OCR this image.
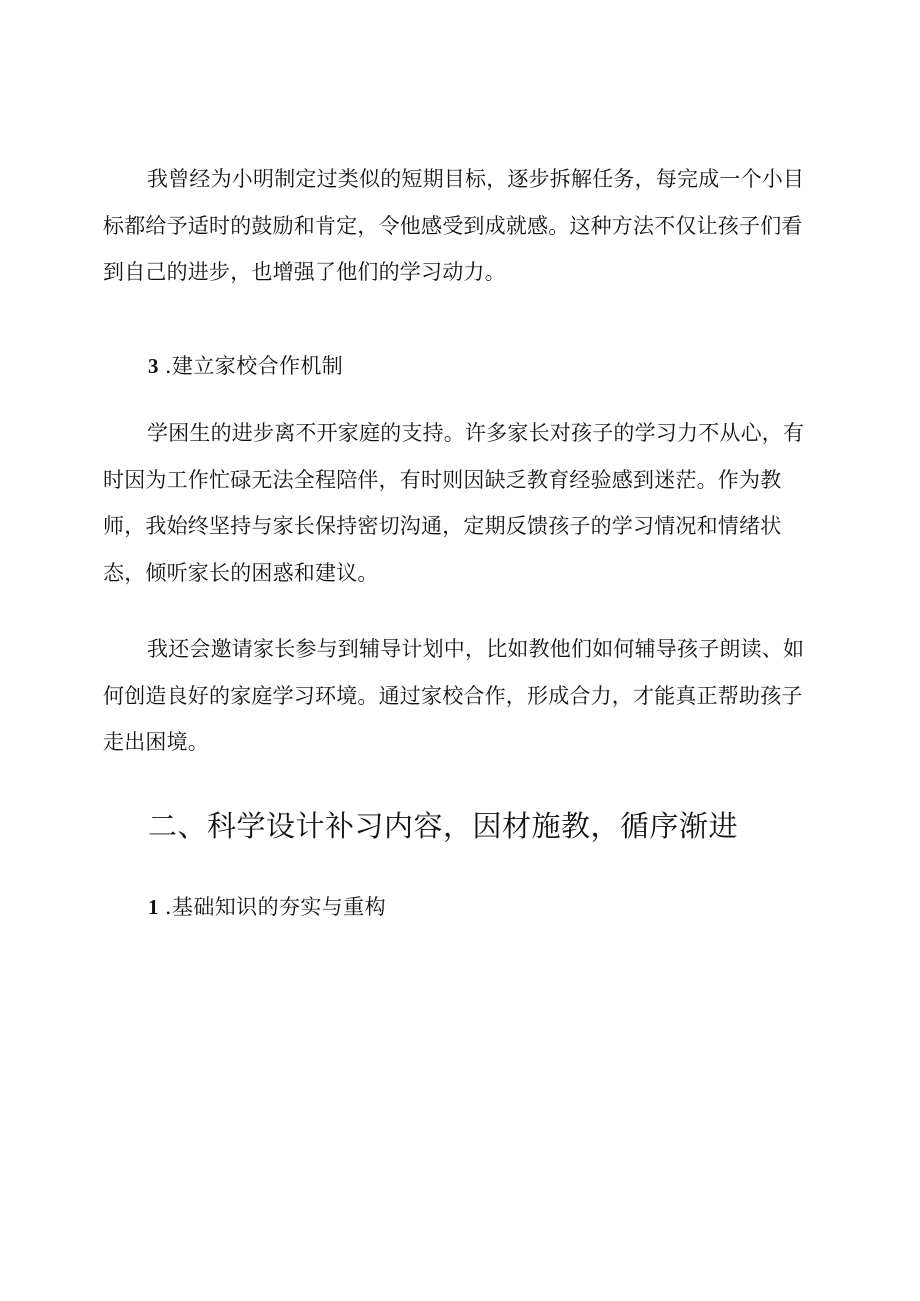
我曾经为小明制定过类似的短期目标，逐步拆解任务，每完成一个小目标都给予适时的鼓励和肯定，令他感受到成就感。这种方法不仅让孩子们看到自己的进步，也增强了他们的学习动力。

3 .建立家校合作机制

学困生的进步离不开家庭的支持。许多家长对孩子的学习力不从心，有时因为工作忙碌无法全程陪伴，有时则因缺乏教育经验感到迷茫。作为教师，我始终坚持与家长保持密切沟通，定期反馈孩子的学习情况和情绪状态，倾听家长的困惑和建议。

我还会邀请家长参与到辅导计划中，比如教他们如何辅导孩子朗读、如何创造良好的家庭学习环境。通过家校合作，形成合力，才能真正帮助孩子走出困境。

二、科学设计补习内容，因材施教，循序渐进

1 .基础知识的夯实与重构
